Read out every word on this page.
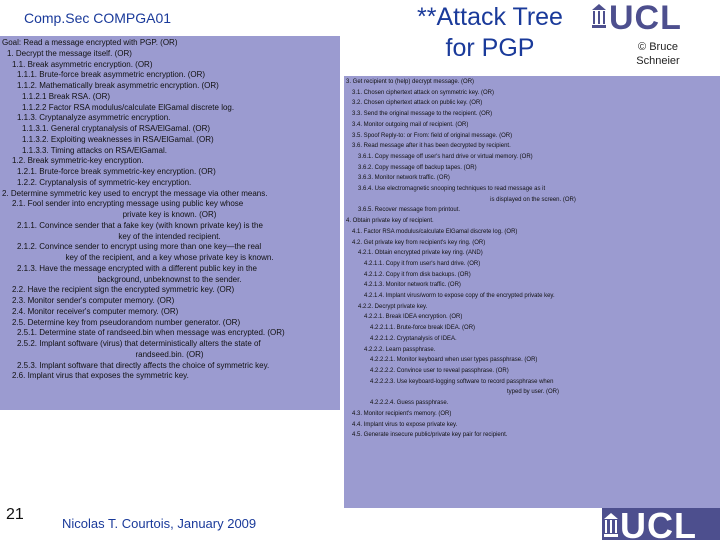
Comp.Sec COMPGA01	**Attack Tree
for PGP	© Bruce
Schneier
UCL
Goal: Read a message encrypted with PGP. (OR)
1. Decrypt the message itself. (OR)
1.1. Break asymmetric encryption. (OR)
1.1.1. Brute-force break asymmetric encryption. (OR)
1.1.2. Mathematically break asymmetric encryption. (OR)
1.1.2.1 Break RSA. (OR)
1.1.2.2 Factor RSA modulus/calculate ElGamal discrete log.
1.1.3. Cryptanalyze asymmetric encryption.
1.1.3.1. General cryptanalysis of RSA/ElGamal. (OR)
1.1.3.2. Exploiting weaknesses in RSA/ElGamal. (OR)
1.1.3.3. Timing attacks on RSA/ElGamal.
1.2. Break symmetric-key encryption.
1.2.1. Brute-force break symmetric-key encryption. (OR)
1.2.2. Cryptanalysis of symmetric-key encryption.
2. Determine symmetric key used to encrypt the message via other means.
2.1. Fool sender into encrypting message using public key whose
private key is known. (OR)
2.1.1. Convince sender that a fake key (with known private key) is the
key of the intended recipient.
2.1.2. Convince sender to encrypt using more than one key—the real
key of the recipient, and a key whose private key is known.
2.1.3. Have the message encrypted with a different public key in the
background, unbeknownst to the sender.
2.2. Have the recipient sign the encrypted symmetric key. (OR)
2.3. Monitor sender's computer memory. (OR)
2.4. Monitor receiver's computer memory. (OR)
2.5. Determine key from pseudorandom number generator. (OR)
2.5.1. Determine state of randseed.bin when message was encrypted. (OR)
2.5.2. Implant software (virus) that deterministically alters the state of
randseed.bin. (OR)
2.5.3. Implant software that directly affects the choice of symmetric key.
2.6. Implant virus that exposes the symmetric key.
3. Get recipient to (help) decrypt message. (OR)
3.1. Chosen ciphertext attack on symmetric key. (OR)
3.2. Chosen ciphertext attack on public key. (OR)
3.3. Send the original message to the recipient. (OR)
3.4. Monitor outgoing mail of recipient. (OR)
3.5. Spoof Reply-to: or From: field of original message. (OR)
3.6. Read message after it has been decrypted by recipient.
3.6.1. Copy message off user's hard drive or virtual memory. (OR)
3.6.2. Copy message off backup tapes. (OR)
3.6.3. Monitor network traffic. (OR)
3.6.4. Use electromagnetic snooping techniques to read message as it
is displayed on the screen. (OR)
3.6.5. Recover message from printout.
4. Obtain private key of recipient.
4.1. Factor RSA modulus/calculate ElGamal discrete log. (OR)
4.2. Get private key from recipient's key ring. (OR)
4.2.1. Obtain encrypted private key ring. (AND)
4.2.1.1. Copy it from user's hard drive. (OR)
4.2.1.2. Copy it from disk backups. (OR)
4.2.1.3. Monitor network traffic. (OR)
4.2.1.4. Implant virus/worm to expose copy of the encrypted private key.
4.2.2. Decrypt private key.
4.2.2.1. Break IDEA encryption. (OR)
4.2.2.1.1. Brute-force break IDEA. (OR)
4.2.2.1.2. Cryptanalysis of IDEA.
4.2.2.2. Learn passphrase.
4.2.2.2.1. Monitor keyboard when user types passphrase. (OR)
4.2.2.2.2. Convince user to reveal passphrase. (OR)
4.2.2.2.3. Use keyboard-logging software to record passphrase when
typed by user. (OR)
4.2.2.2.4. Guess passphrase.
4.3. Monitor recipient's memory. (OR)
4.4. Implant virus to expose private key.
4.5. Generate insecure public/private key pair for recipient.
21
Nicolas T. Courtois, January 2009	UCL
